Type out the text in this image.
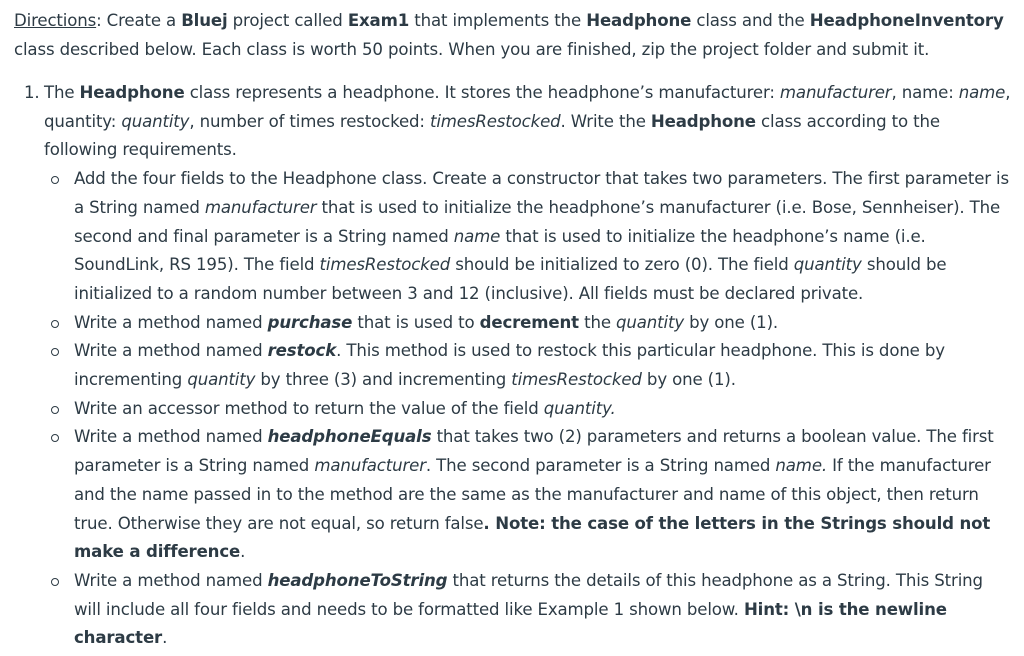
Directions: Create a Bluej project called Exam1 that implements the Headphone class and the HeadphoneInventory class described below. Each class is worth 50 points. When you are finished, zip the project folder and submit it.

1. The Headphone class represents a headphone. It stores the headphone’s manufacturer: manufacturer, name: name, quantity: quantity, number of times restocked: timesRestocked. Write the Headphone class according to the following requirements.
Add the four fields to the Headphone class. Create a constructor that takes two parameters. The first parameter is a String named manufacturer that is used to initialize the headphone’s manufacturer (i.e. Bose, Sennheiser). The second and final parameter is a String named name that is used to initialize the headphone’s name (i.e. SoundLink, RS 195). The field timesRestocked should be initialized to zero (0). The field quantity should be initialized to a random number between 3 and 12 (inclusive). All fields must be declared private.
Write a method named purchase that is used to decrement the quantity by one (1).
Write a method named restock. This method is used to restock this particular headphone. This is done by incrementing quantity by three (3) and incrementing timesRestocked by one (1).
Write an accessor method to return the value of the field quantity.
Write a method named headphoneEquals that takes two (2) parameters and returns a boolean value. The first parameter is a String named manufacturer. The second parameter is a String named name. If the manufacturer and the name passed in to the method are the same as the manufacturer and name of this object, then return true. Otherwise they are not equal, so return false. Note: the case of the letters in the Strings should not make a difference.
Write a method named headphoneToString that returns the details of this headphone as a String. This String will include all four fields and needs to be formatted like Example 1 shown below. Hint: \n is the newline character.
